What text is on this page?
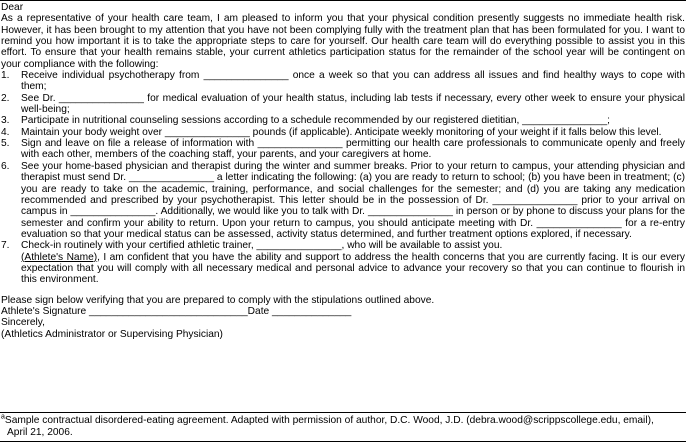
Dear

As a representative of your health care team, I am pleased to inform you that your physical condition presently suggests no immediate health risk. However, it has been brought to my attention that you have not been complying fully with the treatment plan that has been formulated for you. I want to remind you how important it is to take the appropriate steps to care for yourself. Our health care team will do everything possible to assist you in this effort. To ensure that your health remains stable, your current athletics participation status for the remainder of the school year will be contingent on your compliance with the following:

1. Receive individual psychotherapy from _______________ once a week so that you can address all issues and find healthy ways to cope with them;
2. See Dr. _______________ for medical evaluation of your health status, including lab tests if necessary, every other week to ensure your physical well-being;
3. Participate in nutritional counseling sessions according to a schedule recommended by our registered dietitian, _______________;
4. Maintain your body weight over _______________ pounds (if applicable). Anticipate weekly monitoring of your weight if it falls below this level.
5. Sign and leave on file a release of information with _______________ permitting our health care professionals to communicate openly and freely with each other, members of the coaching staff, your parents, and your caregivers at home.
6. See your home-based physician and therapist during the winter and summer breaks. Prior to your return to campus, your attending physician and therapist must send Dr. _______________ a letter indicating the following: (a) you are ready to return to school; (b) you have been in treatment; (c) you are ready to take on the academic, training, performance, and social challenges for the semester; and (d) you are taking any medication recommended and prescribed by your psychotherapist. This letter should be in the possession of Dr. _______________ prior to your arrival on campus in _______________. Additionally, we would like you to talk with Dr. _______________ in person or by phone to discuss your plans for the semester and confirm your ability to return. Upon your return to campus, you should anticipate meeting with Dr. _______________ for a re-entry evaluation so that your medical status can be assessed, activity status determined, and further treatment options explored, if necessary.
7. Check-in routinely with your certified athletic trainer, _______________, who will be available to assist you.

(Athlete's Name), I am confident that you have the ability and support to address the health concerns that you are currently facing. It is our every expectation that you will comply with all necessary medical and personal advice to advance your recovery so that you can continue to flourish in this environment.

Please sign below verifying that you are prepared to comply with the stipulations outlined above.

Athlete's Signature ____________________________Date ______________

Sincerely,

(Athletics Administrator or Supervising Physician)

$^a$Sample contractual disordered-eating agreement. Adapted with permission of author, D.C. Wood, J.D. (debra.wood@scrippscollege.edu, email),
April 21, 2006.
